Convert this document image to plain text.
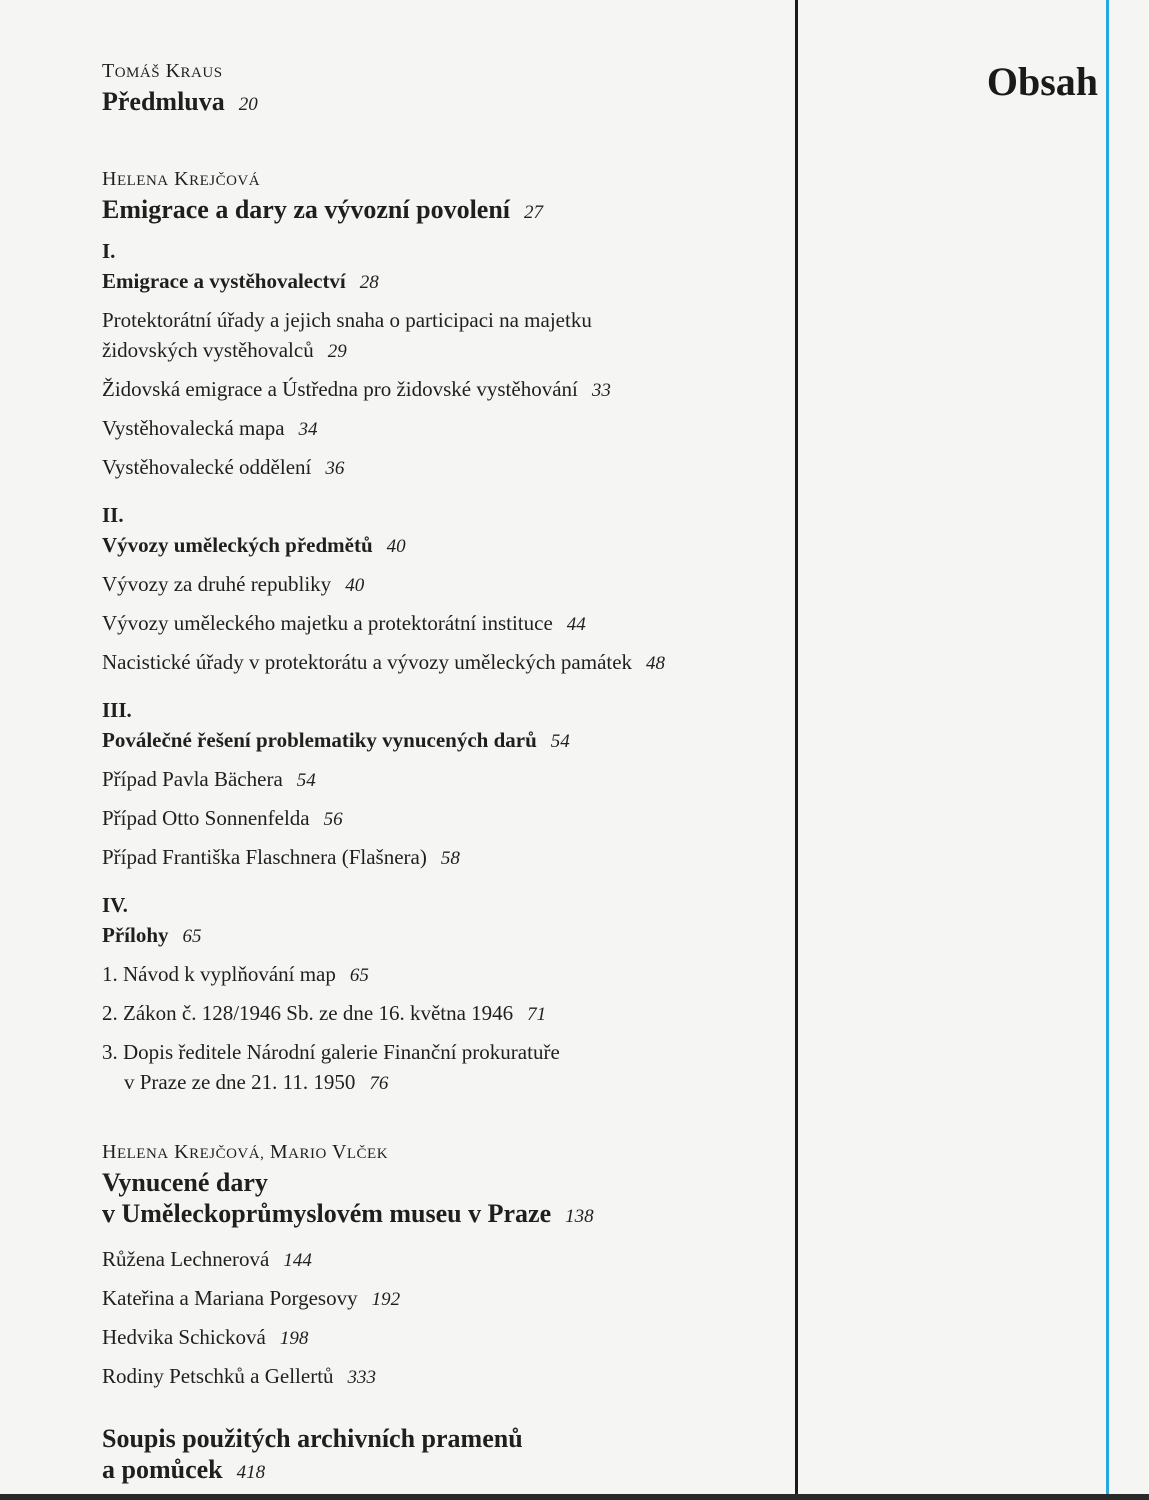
Obsah

TOMÁŠ KRAUS

Předmluva 20

HELENA KREJČOVÁ

Emigrace a dary za vývozní povolení 27

I.

Emigrace a vystěhovalectví 28

Protektorátní úřady a jejich snaha o participaci na majetku
židovských vystěhovalců 29

Židovská emigrace a Ústředna pro židovské vystěhování 33

Vystěhovalecká mapa 34

Vystěhovalecké oddělení 36

II.

Vývozy uměleckých předmětů 40

Vývozy za druhé republiky 40

Vývozy uměleckého majetku a protektorátní instituce 44

Nacistické úřady v protektorátu a vývozy uměleckých památek 48

III.

Poválečné řešení problematiky vynucených darů 54

Případ Pavla Bächera 54

Případ Otto Sonnenfelda 56

Případ Františka Flaschnera (Flašnera) 58

IV.

Přílohy 65

1. Návod k vyplňování map 65

2. Zákon č. 128/1946 Sb. ze dne 16. května 1946 71

3. Dopis ředitele Národní galerie Finanční prokuratuře
v Praze ze dne 21. 11. 1950 76

HELENA KREJČOVÁ, MARIO VLČEK

Vynucené dary
v Uměleckoprůmyslovém museu v Praze 138

Růžena Lechnerová 144

Kateřina a Mariana Porgesovy 192

Hedvika Schicková 198

Rodiny Petschků a Gellertů 333

Soupis použitých archivních pramenů
a pomůcek 418
